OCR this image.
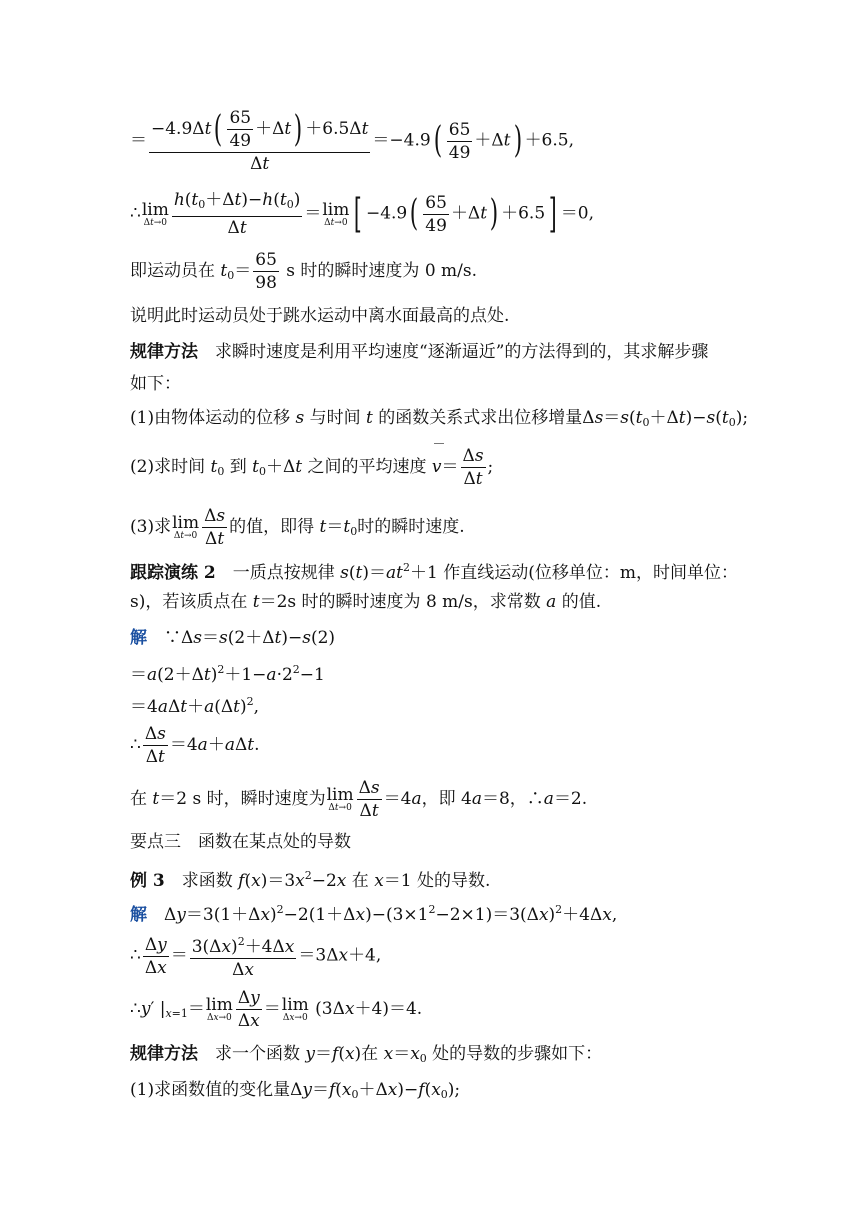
＝ $\frac{-4.9\Delta t( \frac{65}{49} +\Delta t) +6.5\Delta t}{\Delta t} =-4.9( \frac{65}{49} +\Delta t) +6.5$,
∴ lim
$\Delta t\to 0 \frac{h(t_0+\Delta t)-h(t_0)}{\Delta t} = \lim$
Δt→0 [ $-4.9( \frac{65}{49} +\Delta t) +6.5] =0$,
即运动员在 $t_0= \frac{65}{98}$ s 时的瞬时速度为 0 m/s.
说明此时运动员处于跳水运动中离水面最高的点处.
规律方法　求瞬时速度是利用平均速度“逐渐逼近”的方法得到的，其求解步骤
如下：
(1)由物体运动的位移 s 与时间 t 的函数关系式求出位移增量$\Delta s=s(t_0+\Delta t)-s(t_0)$;
(2)求时间 $t_0$ 到 $t_0+\Delta t$ 之间的平均速度 $v= \frac{\Delta s}{\Delta t}$ ;
(3)求 lim
$\Delta t\to 0 \frac{\Delta s}{\Delta t}$ 的值，即得 $t=t_0$时的瞬时速度.
跟踪演练 2　一质点按规律 $s(t)=at^2+1$ 作直线运动(位移单位：m，时间单位：
s)，若该质点在 t＝2s 时的瞬时速度为 8 m/s，求常数 a 的值.
解　∵Δs＝s(2＋Δt)−s(2)
$=a(2+\Delta t)^2+1-a\cdot 2^2-1$
$=4a\Delta t+a(\Delta t)^2$,
∴ $\frac{\Delta s}{\Delta t} =4a+a\Delta t$.
在 t＝2 s 时，瞬时速度为 lim
$\Delta t\to 0 \frac{\Delta s}{\Delta t} =4a$，即 4a＝8，∴a＝2.
要点三　函数在某点处的导数
例 3　求函数 $f(x)=3x^2-2x$ 在 x＝1 处的导数.
解　$\Delta y=3(1+\Delta x)^2-2(1+\Delta x)-(3\times 1^2-2\times 1)=3(\Delta x)^2+4\Delta x$,
∴ $\frac{\Delta y}{\Delta x} = \frac{3(\Delta x)^2+4\Delta x}{\Delta x} =3\Delta x+4$,
∴y′ $|_{x=1}= \lim$
$\Delta x\to 0 \frac{\Delta y}{\Delta x} = \lim$
Δx→0 (3Δx＋4)＝4.
规律方法　求一个函数 y＝f(x)在 $x=x_0$ 处的导数的步骤如下：
(1)求函数值的变化量$\Delta y=f(x_0+\Delta x)-f(x_0)$;
